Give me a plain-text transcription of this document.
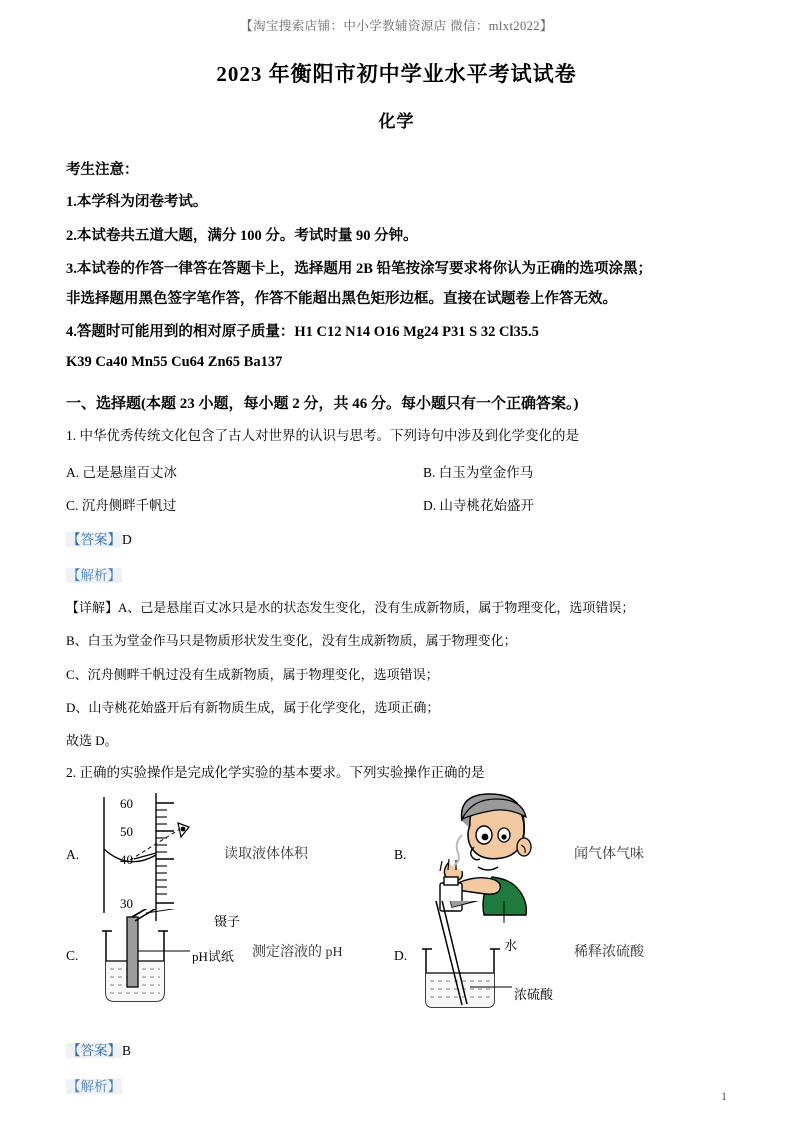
【淘宝搜索店铺：中小学教辅资源店 微信：mlxt2022】
2023 年衡阳市初中学业水平考试试卷
化学

考生注意：

1.本学科为闭卷考试。

2.本试卷共五道大题，满分 100 分。考试时量 90 分钟。

3.本试卷的作答一律答在答题卡上，选择题用 2B 铅笔按涂写要求将你认为正确的选项涂黑；

非选择题用黑色签字笔作答，作答不能超出黑色矩形边框。直接在试题卷上作答无效。

4.答题时可能用到的相对原子质量：H1 C12 N14 O16 Mg24 P31 S 32 Cl35.5

K39 Ca40 Mn55 Cu64 Zn65 Ba137

一、选择题(本题 23 小题，每小题 2 分，共 46 分。每小题只有一个正确答案。)

1. 中华优秀传统文化包含了古人对世界的认识与思考。下列诗句中涉及到化学变化的是

A. 己是悬崖百丈冰	B. 白玉为堂金作马
C. 沉舟侧畔千帆过	D. 山寺桃花始盛开

【答案】D

【解析】

【详解】A、己是悬崖百丈冰只是水的状态发生变化，没有生成新物质，属于物理变化，选项错误；

B、白玉为堂金作马只是物质形状发生变化，没有生成新物质，属于物理变化；

C、沉舟侧畔千帆过没有生成新物质，属于物理变化，选项错误；

D、山寺桃花始盛开后有新物质生成，属于化学变化，选项正确；

故选 D。

2. 正确的实验操作是完成化学实验的基本要求。下列实验操作正确的是

A.
60
50
40
30
读取液体体积	B.	闻气体气味
C.
镊子
pH试纸 测定溶液的 pH	D.
水
浓硫酸
稀释浓硫酸

【答案】B

【解析】

1
